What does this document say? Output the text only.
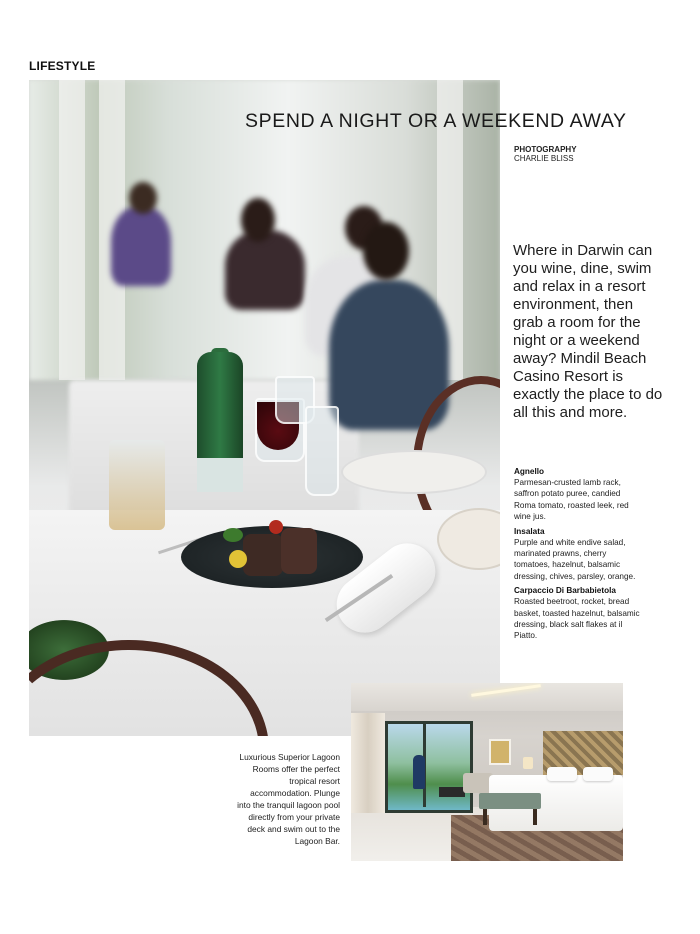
LIFESTYLE
SPEND A NIGHT OR A WEEKEND AWAY
PHOTOGRAPHY
CHARLIE BLISS

Where in Darwin can you wine, dine, swim and relax in a resort environment, then grab a room for the night or a weekend away? Mindil Beach Casino Resort is exactly the place to do all this and more.

Agnello
Parmesan-crusted lamb rack, saffron potato puree, candied Roma tomato, roasted leek, red wine jus.
Insalata
Purple and white endive salad, marinated prawns, cherry tomatoes, hazelnut, balsamic dressing, chives, parsley, orange.
Carpaccio Di Barbabietola
Roasted beetroot, rocket, bread basket, toasted hazelnut, balsamic dressing, black salt flakes at il Piatto.

Luxurious Superior Lagoon Rooms offer the perfect tropical resort accommodation. Plunge into the tranquil lagoon pool directly from your private deck and swim out to the Lagoon Bar.
